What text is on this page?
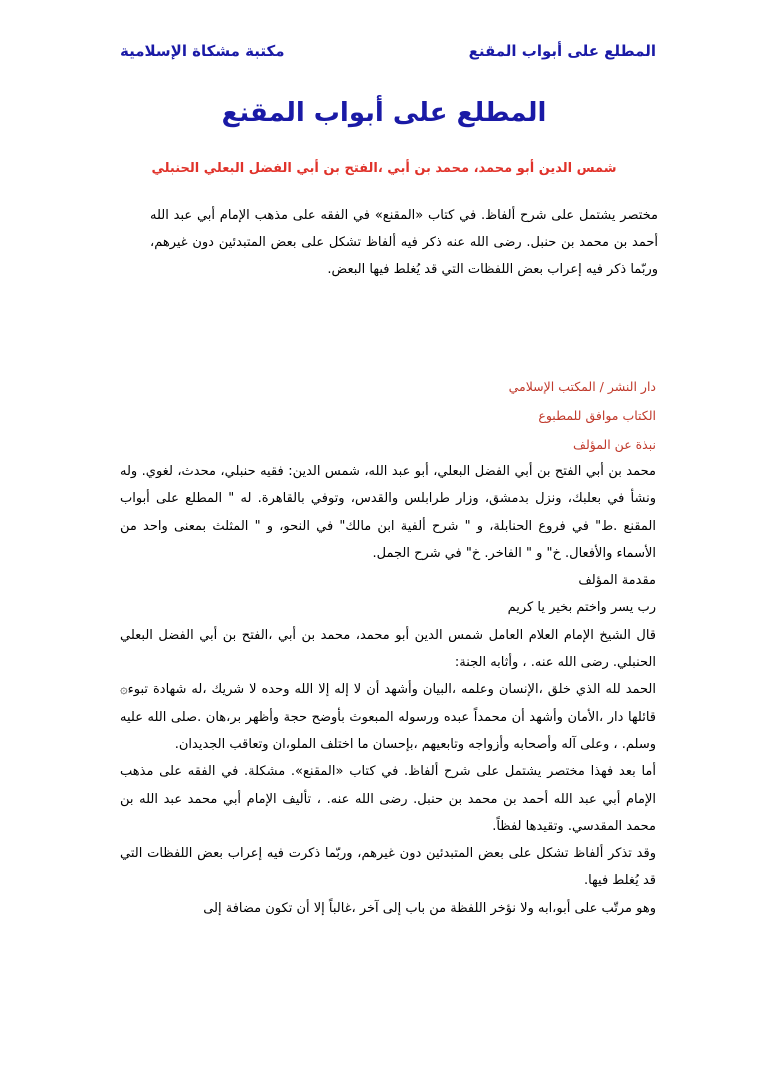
المطلع على أبواب المقنع
مكتبة مشكاة الإسلامية
المطلع على أبواب المقنع
شمس الدين أبو محمد، محمد بن أبي ،الفتح بن أبي الفضل البعلي الحنبلي
مختصر يشتمل على شرح ألفاظ. في كتاب «المقنع» في الفقه على مذهب الإمام أبي عبد الله أحمد بن محمد بن حنبل. رضى الله عنه ذكر فيه ألفاظ تشكل على بعض المتبدئين دون غيرهم، وربّما ذكر فيه إعراب بعض اللفظات التي قد يُغلط فيها البعض.
دار النشر / المكتب الإسلامي
الكتاب موافق للمطبوع
نبذة عن المؤلف

محمد بن أبي الفتح بن أبي الفضل البعلي، أبو عبد الله، شمس الدين: فقيه حنبلي، محدث، لغوي. وله ونشأ في بعلبك، ونزل بدمشق، وزار طرابلس والقدس، وتوفي بالقاهرة. له " المطلع على أبواب المقنع .ط" في فروع الحنابلة، و " شرح ألفية ابن مالك" في النحو، و " المثلث بمعنى واحد من الأسماء والأفعال. خ" و " الفاخر. خ" في شرح الجمل.

مقدمة المؤلف

رب يسر واختم بخير يا كريم

قال الشيخ الإمام العلام العامل شمس الدين أبو محمد، محمد بن أبي ،الفتح بن أبي الفضل البعلي الحنبلي. رضى الله عنه. ، وأثابه الجنة:

الحمد لله الذي خلق ،الإنسان وعلمه ،البيان وأشهد أن لا إله إلا الله وحده لا شريك ،له شهادة تبوء۞ قائلها دار ،الأمان وأشهد أن محمداً عبده ورسوله المبعوث بأوضح حجة وأظهر بر،هان .صلى الله عليه وسلم. ، وعلى آله وأصحابه وأزواجه وتابعيهم ،بإحسان ما اختلف الملو،ان وتعاقب الجديدان.

أما بعد فهذا مختصر يشتمل على شرح ألفاظ. في كتاب «المقنع». مشكلة. في الفقه على مذهب الإمام أبي عبد الله أحمد بن محمد بن حنبل. رضى الله عنه. ، تأليف الإمام أبي محمد عبد الله بن محمد المقدسي. وتقيدها لفظاً.

وقد تذكر ألفاظ تشكل على بعض المتبدئين دون غيرهم، وربّما ذكرت فيه إعراب بعض اللفظات التي قد يُغلط فيها.

وهو مرتّب على أبو،ابه ولا نؤخر اللفظة من باب إلى آخر ،غالباً إلا أن تكون مضافة إلى
